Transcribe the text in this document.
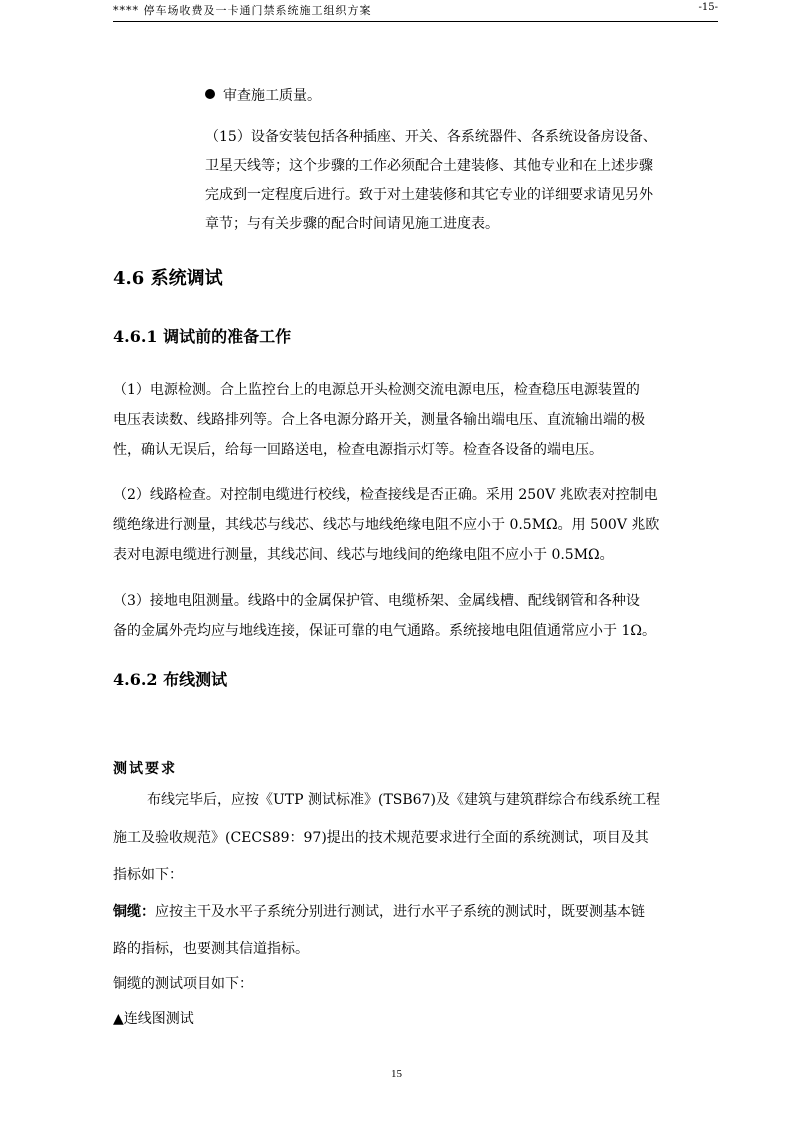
**** 停车场收费及一卡通门禁系统施工组织方案	-15-
审查施工质量。

（15）设备安装包括各种插座、开关、各系统器件、各系统设备房设备、

卫星天线等；这个步骤的工作必须配合土建装修、其他专业和在上述步骤

完成到一定程度后进行。致于对土建装修和其它专业的详细要求请见另外

章节；与有关步骤的配合时间请见施工进度表。

4.6 系统调试
4.6.1 调试前的准备工作

（1）电源检测。合上监控台上的电源总开头检测交流电源电压，检查稳压电源装置的

电压表读数、线路排列等。合上各电源分路开关，测量各输出端电压、直流输出端的极

性，确认无误后，给每一回路送电，检查电源指示灯等。检查各设备的端电压。

（2）线路检查。对控制电缆进行校线，检查接线是否正确。采用 250V 兆欧表对控制电

缆绝缘进行测量，其线芯与线芯、线芯与地线绝缘电阻不应小于 0.5MΩ。用 500V 兆欧

表对电源电缆进行测量，其线芯间、线芯与地线间的绝缘电阻不应小于 0.5MΩ。

（3）接地电阻测量。线路中的金属保护管、电缆桥架、金属线槽、配线钢管和各种设

备的金属外壳均应与地线连接，保证可靠的电气通路。系统接地电阻值通常应小于 1Ω。

4.6.2 布线测试

测试要求

布线完毕后，应按《UTP 测试标准》(TSB67)及《建筑与建筑群综合布线系统工程

施工及验收规范》(CECS89：97)提出的技术规范要求进行全面的系统测试，项目及其

指标如下：

铜缆：应按主干及水平子系统分别进行测试，进行水平子系统的测试时，既要测基本链

路的指标，也要测其信道指标。

铜缆的测试项目如下：

▲连线图测试

15
